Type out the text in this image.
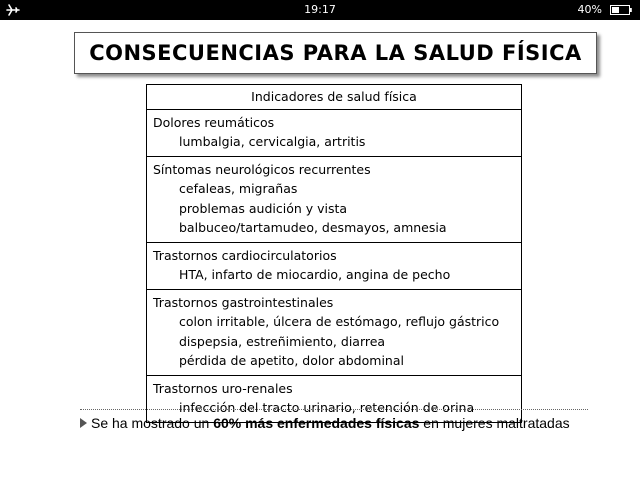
19:17	40%
CONSECUENCIAS PARA LA SALUD FÍSICA
Indicadores de salud física

Dolores reumáticos
lumbalgia, cervicalgia, artritis

Síntomas neurológicos recurrentes
cefaleas, migrañas
problemas audición y vista
balbuceo/tartamudeo, desmayos, amnesia

Trastornos cardiocirculatorios
HTA, infarto de miocardio, angina de pecho

Trastornos gastrointestinales
colon irritable, úlcera de estómago, reflujo gástrico
dispepsia, estreñimiento, diarrea
pérdida de apetito, dolor abdominal

Trastornos uro-renales
infección del tracto urinario, retención de orina
Se ha mostrado un 60% más enfermedades físicas en mujeres maltratadas
